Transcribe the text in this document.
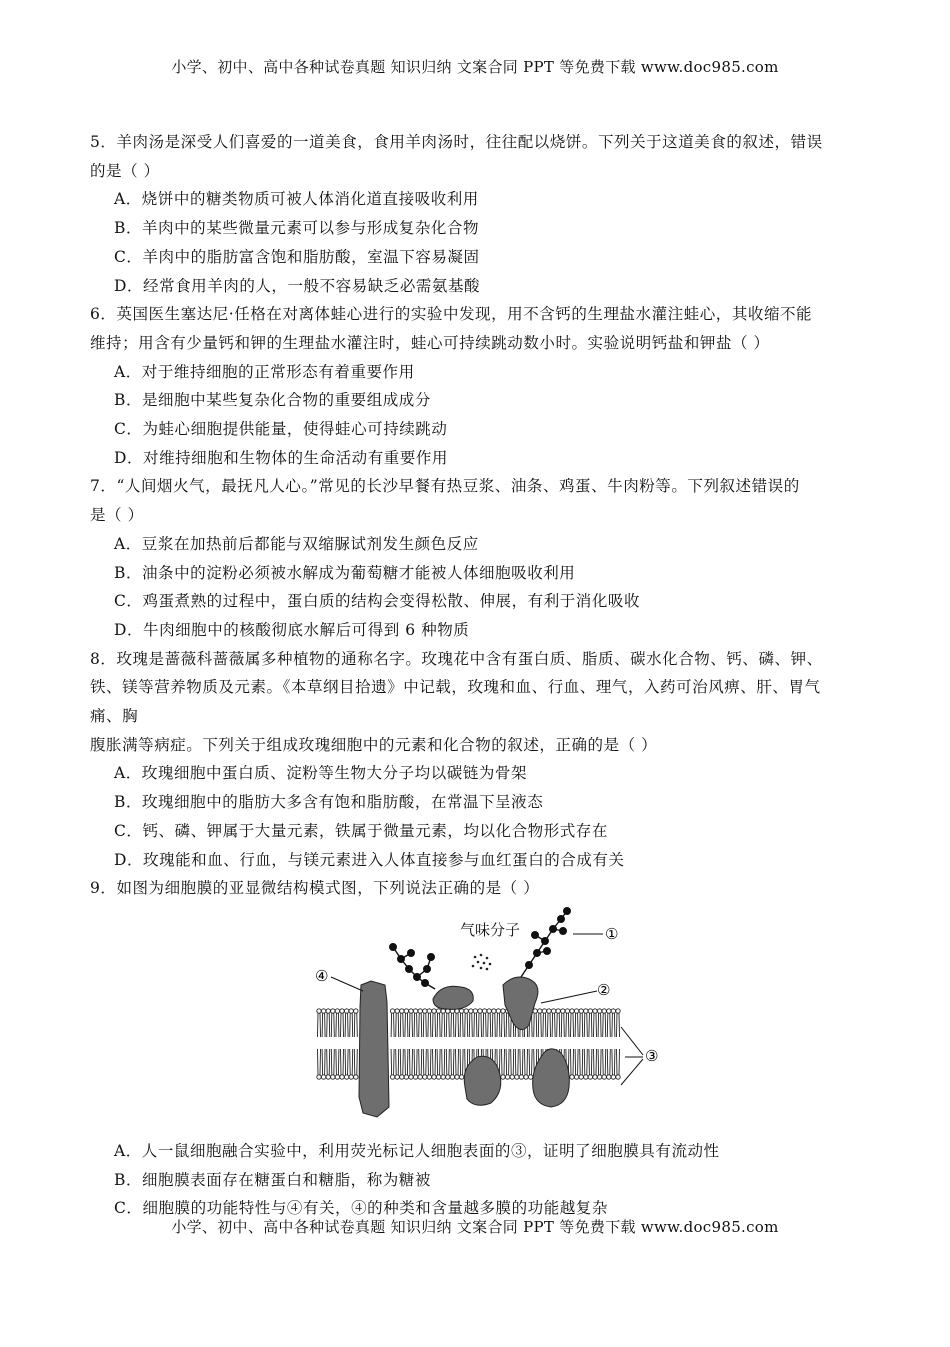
小学、初中、高中各种试卷真题 知识归纳 文案合同 PPT 等免费下载 www.doc985.com
5．羊肉汤是深受人们喜爱的一道美食，食用羊肉汤时，往往配以烧饼。下列关于这道美食的叙述，错误
的是（ ）
A．烧饼中的糖类物质可被人体消化道直接吸收利用
B．羊肉中的某些微量元素可以参与形成复杂化合物
C．羊肉中的脂肪富含饱和脂肪酸，室温下容易凝固
D．经常食用羊肉的人，一般不容易缺乏必需氨基酸
6．英国医生塞达尼·任格在对离体蛙心进行的实验中发现，用不含钙的生理盐水灌注蛙心，其收缩不能
维持；用含有少量钙和钾的生理盐水灌注时，蛙心可持续跳动数小时。实验说明钙盐和钾盐（ ）
A．对于维持细胞的正常形态有着重要作用
B．是细胞中某些复杂化合物的重要组成成分
C．为蛙心细胞提供能量，使得蛙心可持续跳动
D．对维持细胞和生物体的生命活动有重要作用
7．“人间烟火气，最抚凡人心。”常见的长沙早餐有热豆浆、油条、鸡蛋、牛肉粉等。下列叙述错误的
是（ ）
A．豆浆在加热前后都能与双缩脲试剂发生颜色反应
B．油条中的淀粉必须被水解成为葡萄糖才能被人体细胞吸收利用
C．鸡蛋煮熟的过程中，蛋白质的结构会变得松散、伸展，有利于消化吸收
D．牛肉细胞中的核酸彻底水解后可得到 6 种物质
8．玫瑰是蔷薇科蔷薇属多种植物的通称名字。玫瑰花中含有蛋白质、脂质、碳水化合物、钙、磷、钾、
铁、镁等营养物质及元素。《本草纲目拾遗》中记载，玫瑰和血、行血、理气，入药可治风痹、肝、胃气
痛、胸
腹胀满等病症。下列关于组成玫瑰细胞中的元素和化合物的叙述，正确的是（ ）
A．玫瑰细胞中蛋白质、淀粉等生物大分子均以碳链为骨架
B．玫瑰细胞中的脂肪大多含有饱和脂肪酸，在常温下呈液态
C．钙、磷、钾属于大量元素，铁属于微量元素，均以化合物形式存在
D．玫瑰能和血、行血，与镁元素进入人体直接参与血红蛋白的合成有关
9．如图为细胞膜的亚显微结构模式图，下列说法正确的是（ ）
气味分子	①
②
③
④
A．人一鼠细胞融合实验中，利用荧光标记人细胞表面的③，证明了细胞膜具有流动性
B．细胞膜表面存在糖蛋白和糖脂，称为糖被
C．细胞膜的功能特性与④有关，④的种类和含量越多膜的功能越复杂
小学、初中、高中各种试卷真题 知识归纳 文案合同 PPT 等免费下载 www.doc985.com
